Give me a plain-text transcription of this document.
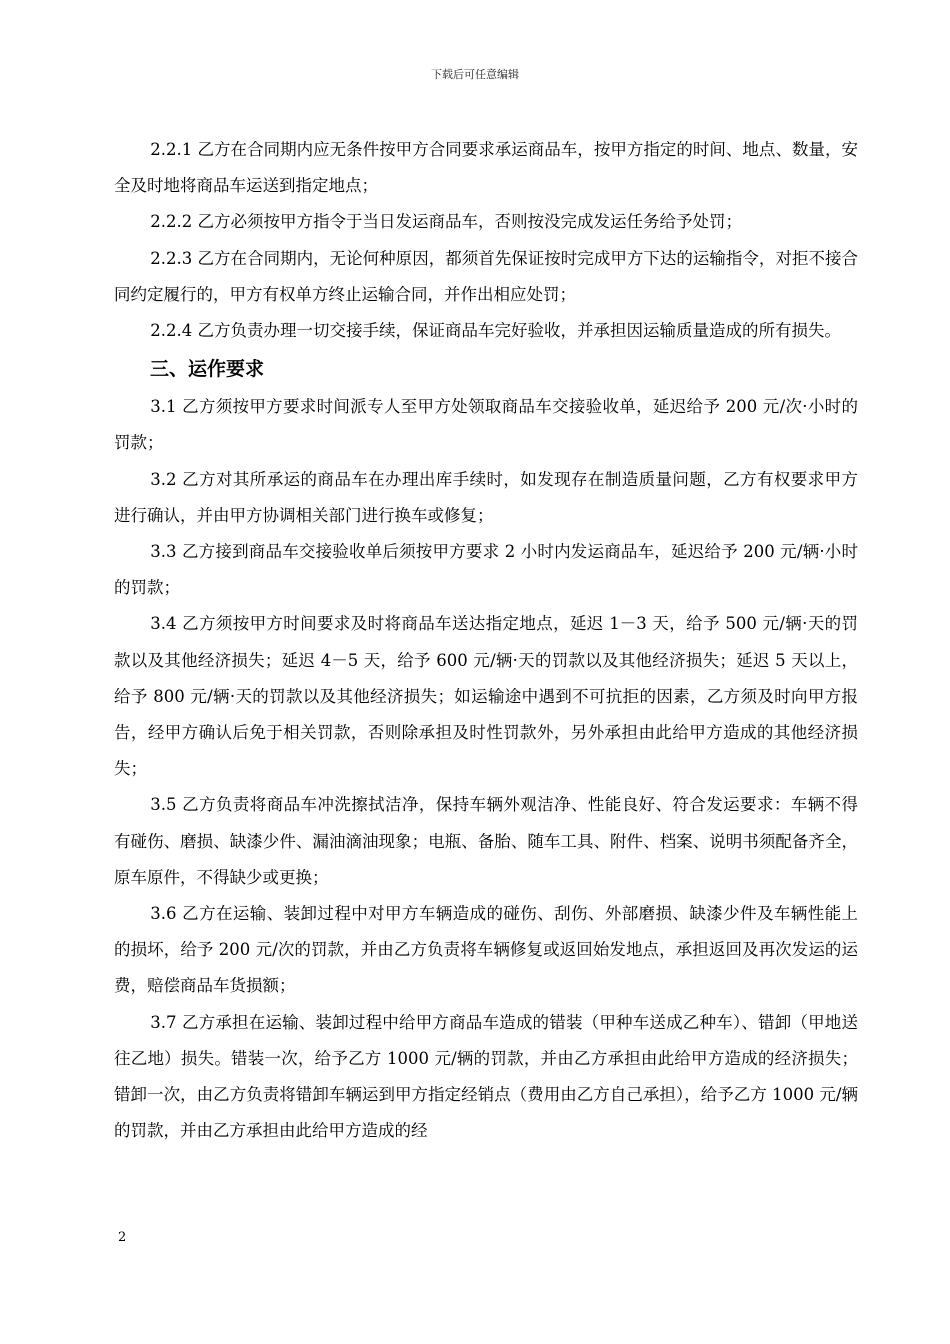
下载后可任意编辑

2.2.1 乙方在合同期内应无条件按甲方合同要求承运商品车，按甲方指定的时间、地点、数量，安全及时地将商品车运送到指定地点；

2.2.2 乙方必须按甲方指令于当日发运商品车，否则按没完成发运任务给予处罚；

2.2.3 乙方在合同期内，无论何种原因，都须首先保证按时完成甲方下达的运输指令，对拒不接合同约定履行的，甲方有权单方终止运输合同，并作出相应处罚；

2.2.4 乙方负责办理一切交接手续，保证商品车完好验收，并承担因运输质量造成的所有损失。

三、运作要求

3.1 乙方须按甲方要求时间派专人至甲方处领取商品车交接验收单，延迟给予 200 元/次·小时的罚款；

3.2 乙方对其所承运的商品车在办理出库手续时，如发现存在制造质量问题，乙方有权要求甲方进行确认，并由甲方协调相关部门进行换车或修复；

3.3 乙方接到商品车交接验收单后须按甲方要求 2 小时内发运商品车，延迟给予 200 元/辆·小时的罚款；

3.4 乙方须按甲方时间要求及时将商品车送达指定地点，延迟 1－3 天，给予 500 元/辆·天的罚款以及其他经济损失；延迟 4－5 天，给予 600 元/辆·天的罚款以及其他经济损失；延迟 5 天以上，给予 800 元/辆·天的罚款以及其他经济损失；如运输途中遇到不可抗拒的因素，乙方须及时向甲方报告，经甲方确认后免于相关罚款，否则除承担及时性罚款外，另外承担由此给甲方造成的其他经济损失；

3.5 乙方负责将商品车冲洗擦拭洁净，保持车辆外观洁净、性能良好、符合发运要求：车辆不得有碰伤、磨损、缺漆少件、漏油滴油现象；电瓶、备胎、随车工具、附件、档案、说明书须配备齐全，原车原件，不得缺少或更换；

3.6 乙方在运输、装卸过程中对甲方车辆造成的碰伤、刮伤、外部磨损、缺漆少件及车辆性能上的损坏，给予 200 元/次的罚款，并由乙方负责将车辆修复或返回始发地点，承担返回及再次发运的运费，赔偿商品车货损额；

3.7 乙方承担在运输、装卸过程中给甲方商品车造成的错装（甲种车送成乙种车）、错卸（甲地送往乙地）损失。错装一次，给予乙方 1000 元/辆的罚款，并由乙方承担由此给甲方造成的经济损失；错卸一次，由乙方负责将错卸车辆运到甲方指定经销点（费用由乙方自己承担），给予乙方 1000 元/辆的罚款，并由乙方承担由此给甲方造成的经

2
